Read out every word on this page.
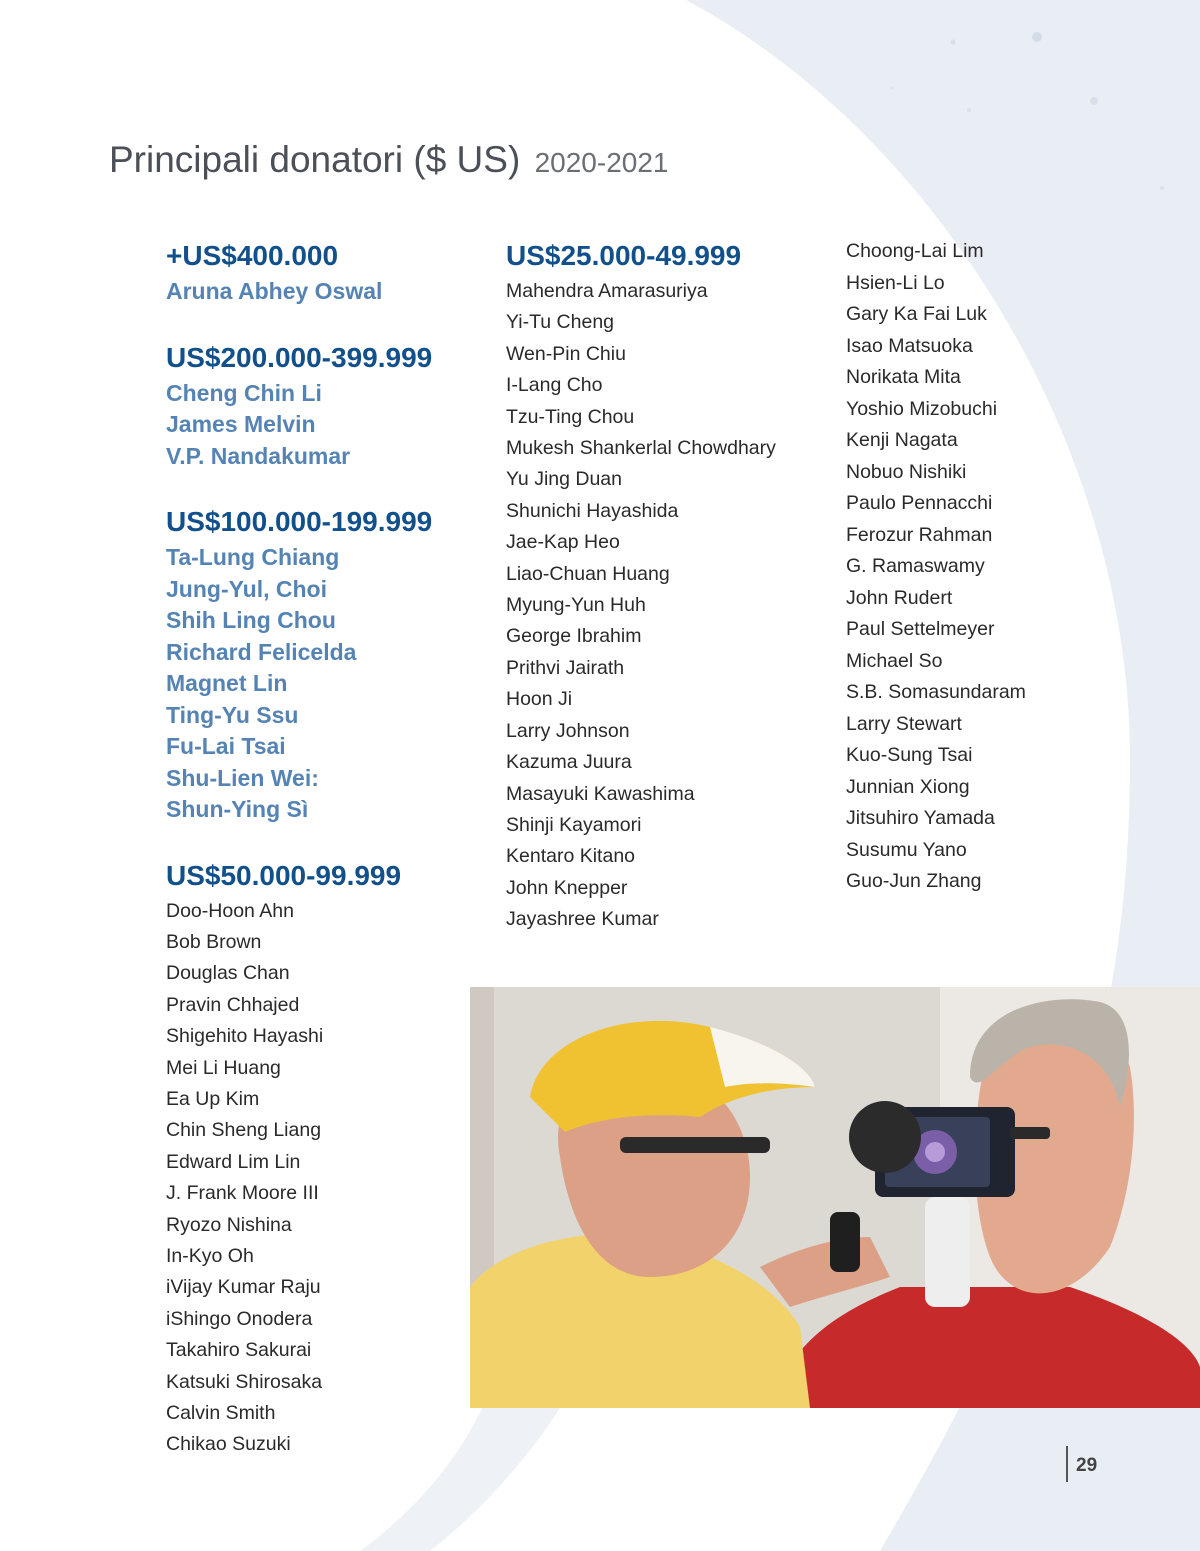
Principali donatori ($ US) 2020-2021
+US$400.000
Aruna Abhey Oswal
US$200.000-399.999
Cheng Chin Li
James Melvin
V.P. Nandakumar
US$100.000-199.999
Ta-Lung Chiang
Jung-Yul, Choi
Shih Ling Chou
Richard Felicelda
Magnet Lin
Ting-Yu Ssu
Fu-Lai Tsai
Shu-Lien Wei:
Shun-Ying Sì
US$50.000-99.999
Doo-Hoon Ahn
Bob Brown
Douglas Chan
Pravin Chhajed
Shigehito Hayashi
Mei Li Huang
Ea Up Kim
Chin Sheng Liang
Edward Lim Lin
J. Frank Moore III
Ryozo Nishina
In-Kyo Oh
iVijay Kumar Raju
iShingo Onodera
Takahiro Sakurai
Katsuki Shirosaka
Calvin Smith
Chikao Suzuki
US$25.000-49.999
Mahendra Amarasuriya
Yi-Tu Cheng
Wen-Pin Chiu
I-Lang Cho
Tzu-Ting Chou
Mukesh Shankerlal Chowdhary
Yu Jing Duan
Shunichi Hayashida
Jae-Kap Heo
Liao-Chuan Huang
Myung-Yun Huh
George Ibrahim
Prithvi Jairath
Hoon Ji
Larry Johnson
Kazuma Juura
Masayuki Kawashima
Shinji Kayamori
Kentaro Kitano
John Knepper
Jayashree Kumar
Choong-Lai Lim
Hsien-Li Lo
Gary Ka Fai Luk
Isao Matsuoka
Norikata Mita
Yoshio Mizobuchi
Kenji Nagata
Nobuo Nishiki
Paulo Pennacchi
Ferozur Rahman
G. Ramaswamy
John Rudert
Paul Settelmeyer
Michael So
S.B. Somasundaram
Larry Stewart
Kuo-Sung Tsai
Junnian Xiong
Jitsuhiro Yamada
Susumu Yano
Guo-Jun Zhang
29
